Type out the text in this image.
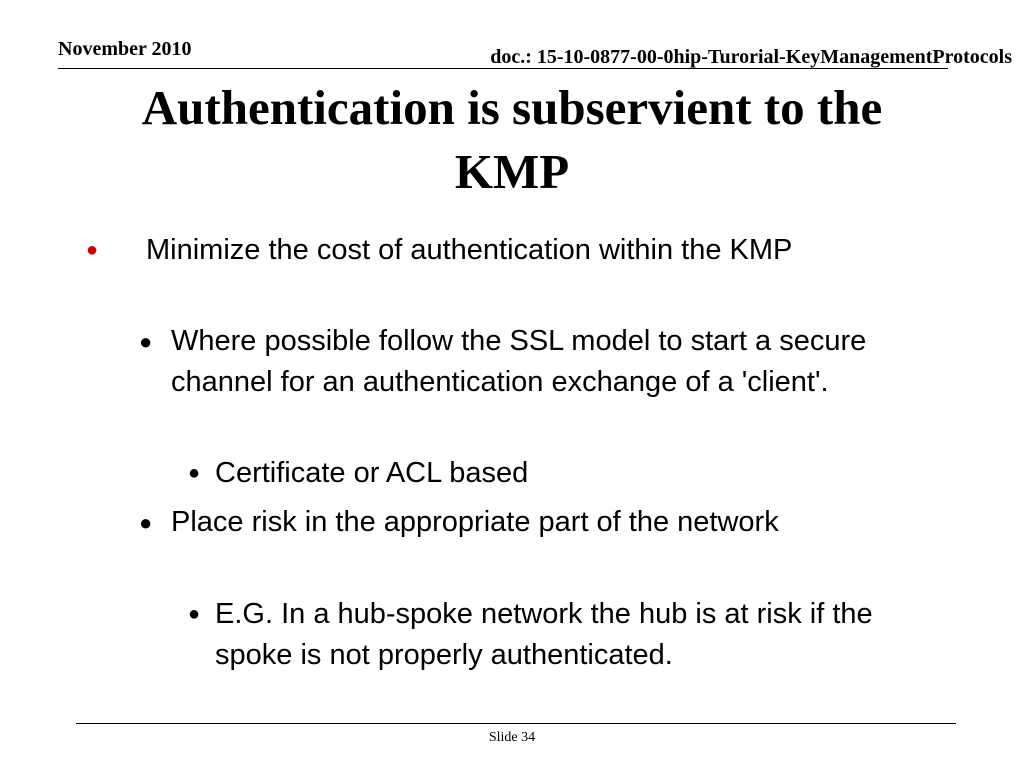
November 2010	doc.: 15-10-0877-00-0hip-Turorial-KeyManagementProtocols
Authentication is subservient to the
KMP
● Minimize the cost of authentication within the KMP
● Where possible follow the SSL model to start a secure channel for an authentication exchange of a 'client'.
● Certificate or ACL based
● Place risk in the appropriate part of the network
● E.G. In a hub-spoke network the hub is at risk if the spoke is not properly authenticated.
Slide 34
